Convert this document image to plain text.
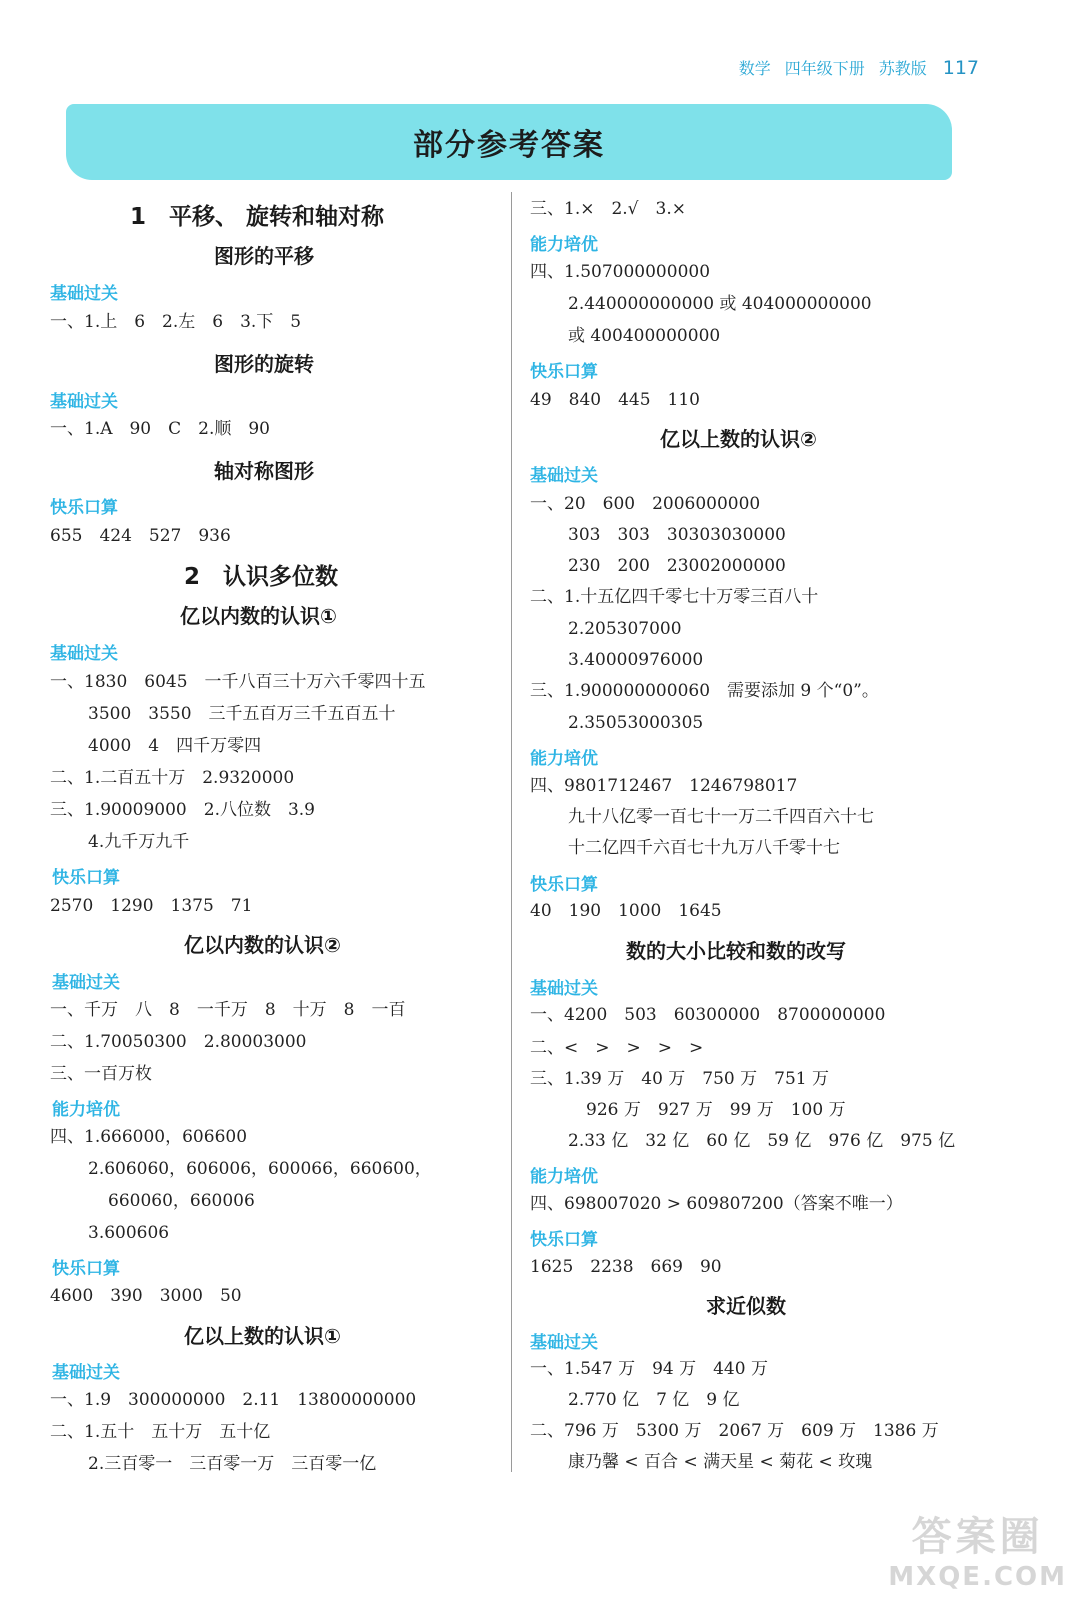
数学 四年级下册 苏教版 117
部分参考答案
1　平移、 旋转和轴对称
图形的平移
基础过关
一、1.上　6　2.左　6　3.下　5
图形的旋转
基础过关
一、1.A　90　C　2.顺　90
轴对称图形
快乐口算
655　424　527　936
2　认识多位数
亿以内数的认识①
基础过关
一、1830　6045　一千八百三十万六千零四十五
3500　3550　三千五百万三千五百五十
4000　4　四千万零四
二、1.二百五十万　2.9320000
三、1.90009000　2.八位数　3.9
4.九千万九千
快乐口算
2570　1290　1375　71
亿以内数的认识②
基础过关
一、千万　八　8　一千万　8　十万　8　一百
二、1.70050300　2.80003000
三、一百万枚
能力培优
四、1.666000，606600
2.606060，606006，600066，660600，
660060，660006
3.600606
快乐口算
4600　390　3000　50
亿以上数的认识①
基础过关
一、1.9　300000000　2.11　13800000000
二、1.五十　五十万　五十亿
2.三百零一　三百零一万　三百零一亿
三、1.×　2.√　3.×
能力培优
四、1.507000000000
2.440000000000 或 404000000000
或 400400000000
快乐口算
49　840　445　110
亿以上数的认识②
基础过关
一、20　600　2006000000
303　303　30303030000
230　200　23002000000
二、1.十五亿四千零七十万零三百八十
2.205307000
3.40000976000
三、1.900000000060　需要添加 9 个“0”。
2.35053000305
能力培优
四、9801712467　1246798017
九十八亿零一百七十一万二千四百六十七
十二亿四千六百七十九万八千零十七
快乐口算
40　190　1000　1645
数的大小比较和数的改写
基础过关
一、4200　503　60300000　8700000000
二、<　>　>　>　>
三、1.39 万　40 万　750 万　751 万
926 万　927 万　99 万　100 万
2.33 亿　32 亿　60 亿　59 亿　976 亿　975 亿
能力培优
四、698007020 > 609807200（答案不唯一）
快乐口算
1625　2238　669　90
求近似数
基础过关
一、1.547 万　94 万　440 万
2.770 亿　7 亿　9 亿
二、796 万　5300 万　2067 万　609 万　1386 万
康乃馨 < 百合 < 满天星 < 菊花 < 玫瑰
答案圈
MXQE.COM
